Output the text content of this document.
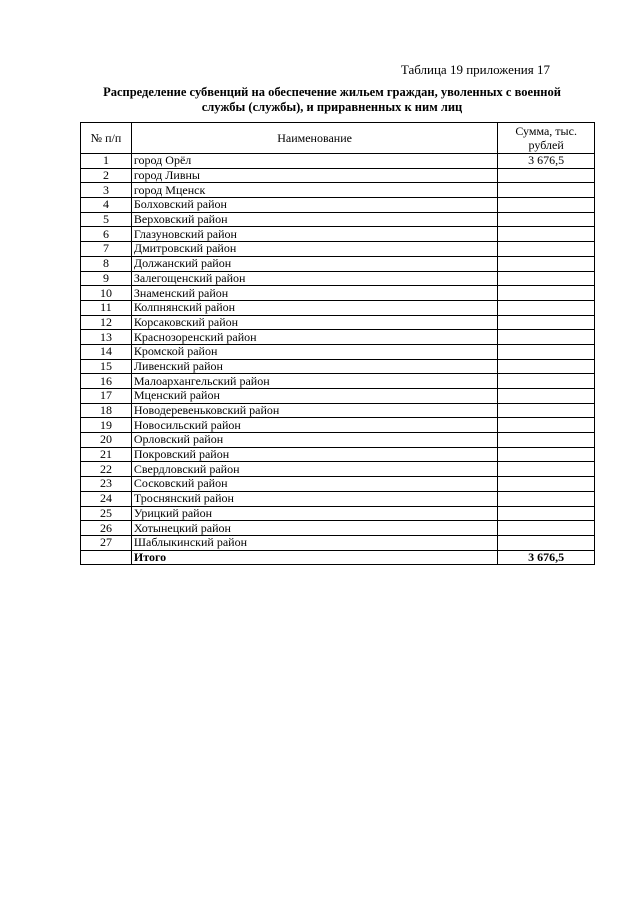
Таблица 19 приложения 17
Распределение субвенций на обеспечение жильем граждан, уволенных с военной службы (службы), и приравненных к ним лиц
№ п/п	Наименование	Сумма, тыс. рублей
1	город Орёл	3 676,5
2	город Ливны	
3	город Мценск	
4	Болховский район	
5	Верховский район	
6	Глазуновский район	
7	Дмитровский район	
8	Должанский район	
9	Залегощенский район	
10	Знаменский район	
11	Колпнянский район	
12	Корсаковский район	
13	Краснозоренский район	
14	Кромской район	
15	Ливенский район	
16	Малоархангельский район	
17	Мценский район	
18	Новодеревеньковский район	
19	Новосильский район	
20	Орловский район	
21	Покровский район	
22	Свердловский район	
23	Сосковский район	
24	Троснянский район	
25	Урицкий район	
26	Хотынецкий район	
27	Шаблыкинский район	
	Итого	3 676,5
